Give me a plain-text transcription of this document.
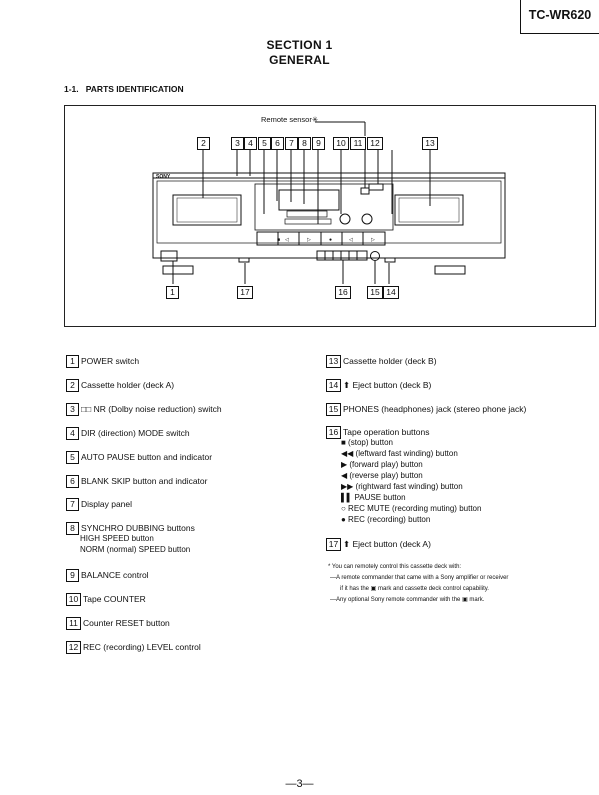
TC-WR620
SECTION 1
GENERAL
1-1. PARTS IDENTIFICATION
■ ◁	▷	●	◁	▷
Remote sensor✳
SONY
2	3 4	5 6	7 8	9	10 11 12	13
1	17	16	15 14
1 POWER switch
2 Cassette holder (deck A)
3 □□ NR (Dolby noise reduction) switch
4 DIR (direction) MODE switch
5 AUTO PAUSE button and indicator
6 BLANK SKIP button and indicator
7 Display panel
8 SYNCHRO DUBBING buttons
HIGH SPEED button
NORM (normal) SPEED button
9 BALANCE control
10 Tape COUNTER
11 Counter RESET button
12 REC (recording) LEVEL control
13 Cassette holder (deck B)
14 ⬆ Eject button (deck B)
15 PHONES (headphones) jack (stereo phone jack)
16 Tape operation buttons
■ (stop) button
◀◀ (leftward fast winding) button
▶ (forward play) button
◀ (reverse play) button
▶▶ (rightward fast winding) button
▌▌ PAUSE button
○ REC MUTE (recording muting) button
● REC (recording) button
17 ⬆ Eject button (deck A)
* You can remotely control this cassette deck with:
—A remote commander that came with a Sony amplifier or receiver
if it has the ▣ mark and cassette deck control capability.
—Any optional Sony remote commander with the ▣ mark.
—3—
